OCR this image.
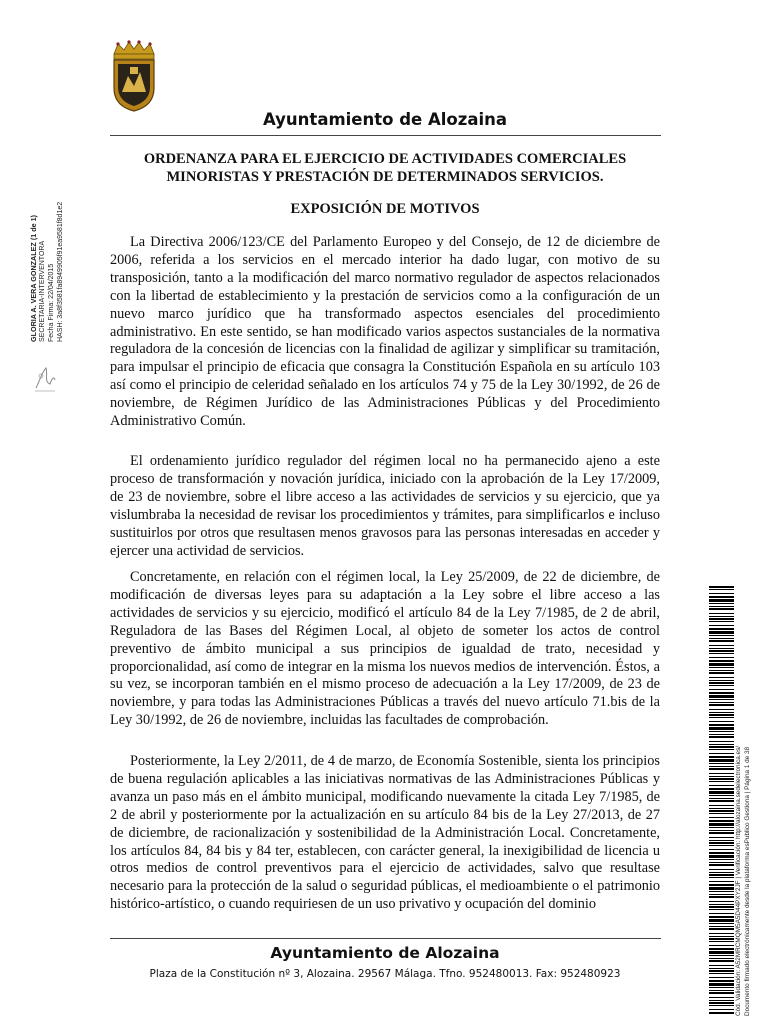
Ayuntamiento de Alozaina
ORDENANZA PARA EL EJERCICIO DE ACTIVIDADES COMERCIALES MINORISTAS Y PRESTACIÓN DE DETERMINADOS SERVICIOS.
EXPOSICIÓN DE MOTIVOS

La Directiva 2006/123/CE del Parlamento Europeo y del Consejo, de 12 de diciembre de 2006, referida a los servicios en el mercado interior ha dado lugar, con motivo de su transposición, tanto a la modificación del marco normativo regulador de aspectos relacionados con la libertad de establecimiento y la prestación de servicios como a la configuración de un nuevo marco jurídico que ha transformado aspectos esenciales del procedimiento administrativo. En este sentido, se han modificado varios aspectos sustanciales de la normativa reguladora de la concesión de licencias con la finalidad de agilizar y simplificar su tramitación, para impulsar el principio de eficacia que consagra la Constitución Española en su artículo 103 así como el principio de celeridad señalado en los artículos 74 y 75 de la Ley 30/1992, de 26 de noviembre, de Régimen Jurídico de las Administraciones Públicas y del Procedimiento Administrativo Común.

El ordenamiento jurídico regulador del régimen local no ha permanecido ajeno a este proceso de transformación y novación jurídica, iniciado con la aprobación de la Ley 17/2009, de 23 de noviembre, sobre el libre acceso a las actividades de servicios y su ejercicio, que ya vislumbraba la necesidad de revisar los procedimientos y trámites, para simplificarlos e incluso sustituirlos por otros que resultasen menos gravosos para las personas interesadas en acceder y ejercer una actividad de servicios.

Concretamente, en relación con el régimen local, la Ley 25/2009, de 22 de diciembre, de modificación de diversas leyes para su adaptación a la Ley sobre el libre acceso a las actividades de servicios y su ejercicio, modificó el artículo 84 de la Ley 7/1985, de 2 de abril, Reguladora de las Bases del Régimen Local, al objeto de someter los actos de control preventivo de ámbito municipal a sus principios de igualdad de trato, necesidad y proporcionalidad, así como de integrar en la misma los nuevos medios de intervención. Éstos, a su vez, se incorporan también en el mismo proceso de adecuación a la Ley 17/2009, de 23 de noviembre, y para todas las Administraciones Públicas a través del nuevo artículo 71.bis de la Ley 30/1992, de 26 de noviembre, incluidas las facultades de comprobación.

Posteriormente, la Ley 2/2011, de 4 de marzo, de Economía Sostenible, sienta los principios de buena regulación aplicables a las iniciativas normativas de las Administraciones Públicas y avanza un paso más en el ámbito municipal, modificando nuevamente la citada Ley 7/1985, de 2 de abril y posteriormente por la actualización en su artículo 84 bis de la Ley 27/2013, de 27 de diciembre, de racionalización y sostenibilidad de la Administración Local. Concretamente, los artículos 84, 84 bis y 84 ter, establecen, con carácter general, la inexigibilidad de licencia u otros medios de control preventivos para el ejercicio de actividades, salvo que resultase necesario para la protección de la salud o seguridad públicas, el medioambiente o el patrimonio histórico-artístico, o cuando requiriesen de un uso privativo y ocupación del dominio

Ayuntamiento de Alozaina
Plaza de la Constitución nº 3, Alozaina. 29567 Málaga. Tfno. 952480013. Fax: 952480923
GLORIA A. VERA GONZALEZ (1 de 1) SECRETARIA-INTERVENTORA Fecha Firma: 22/04/2015 HASH: 3a8f3581fa8949905f91ea9581f8d1e2
Cód. Validación: A52MRCMQM5A5D44PXY2JF | Verificación: http://alozaina.sedelectronica.es/ Documento firmado electrónicamente desde la plataforma esPublico Gestiona | Página 1 de 38
